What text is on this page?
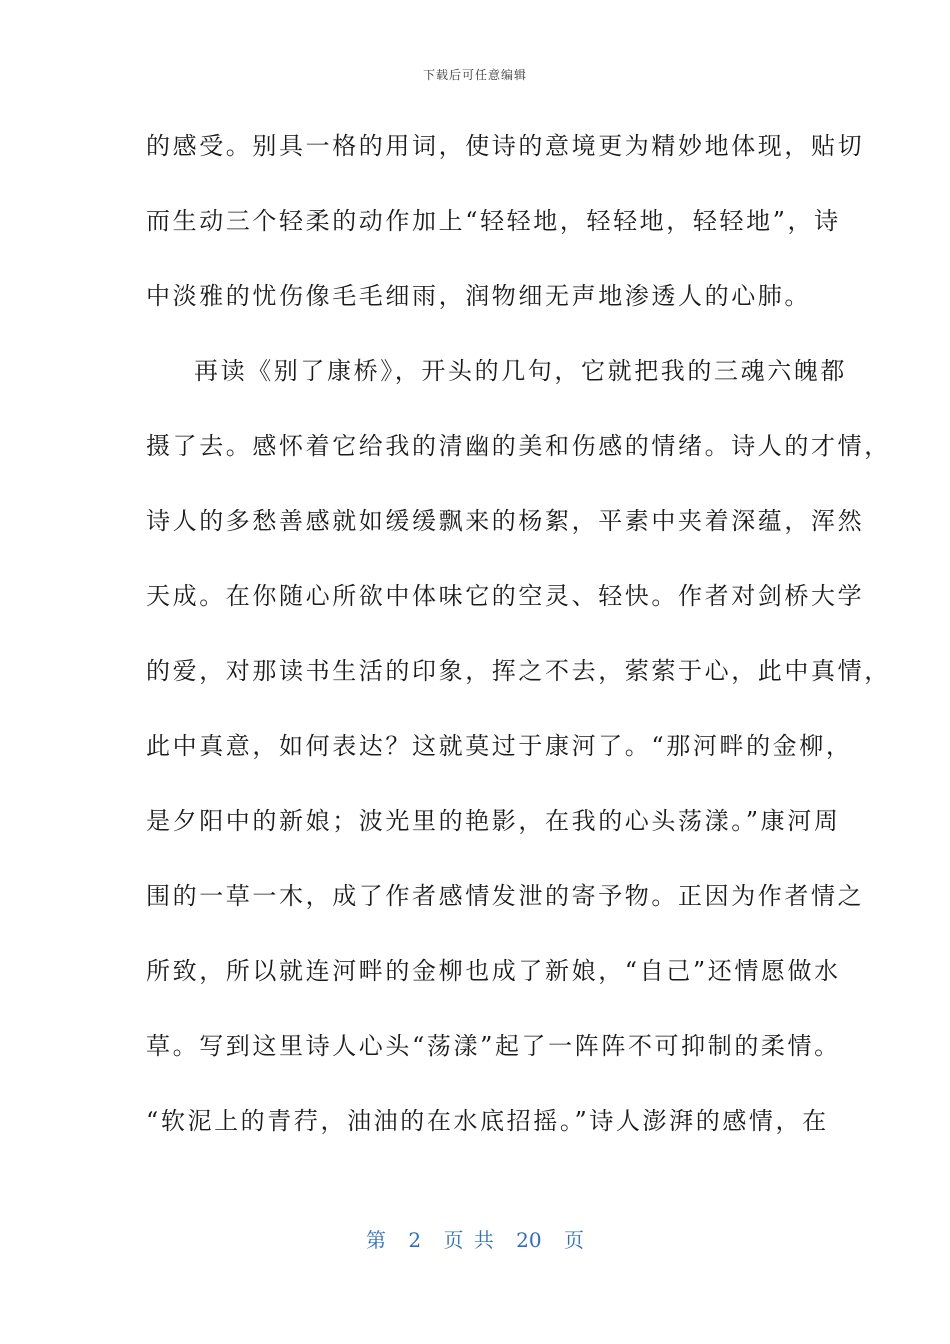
下载后可任意编辑
的感受。别具一格的用词，使诗的意境更为精妙地体现，贴切
而生动三个轻柔的动作加上“轻轻地，轻轻地，轻轻地”，诗
中淡雅的忧伤像毛毛细雨，润物细无声地渗透人的心肺。
再读《别了康桥》，开头的几句，它就把我的三魂六魄都
摄了去。感怀着它给我的清幽的美和伤感的情绪。诗人的才情，
诗人的多愁善感就如缓缓飘来的杨絮，平素中夹着深蕴，浑然
天成。在你随心所欲中体味它的空灵、轻快。作者对剑桥大学
的爱，对那读书生活的印象，挥之不去，萦萦于心，此中真情，
此中真意，如何表达？这就莫过于康河了。“那河畔的金柳，
是夕阳中的新娘；波光里的艳影，在我的心头荡漾。”康河周
围的一草一木，成了作者感情发泄的寄予物。正因为作者情之
所致，所以就连河畔的金柳也成了新娘，“自己”还情愿做水
草。写到这里诗人心头“荡漾”起了一阵阵不可抑制的柔情。
“软泥上的青荇，油油的在水底招摇。”诗人澎湃的感情，在
第 2 页 共 20 页
